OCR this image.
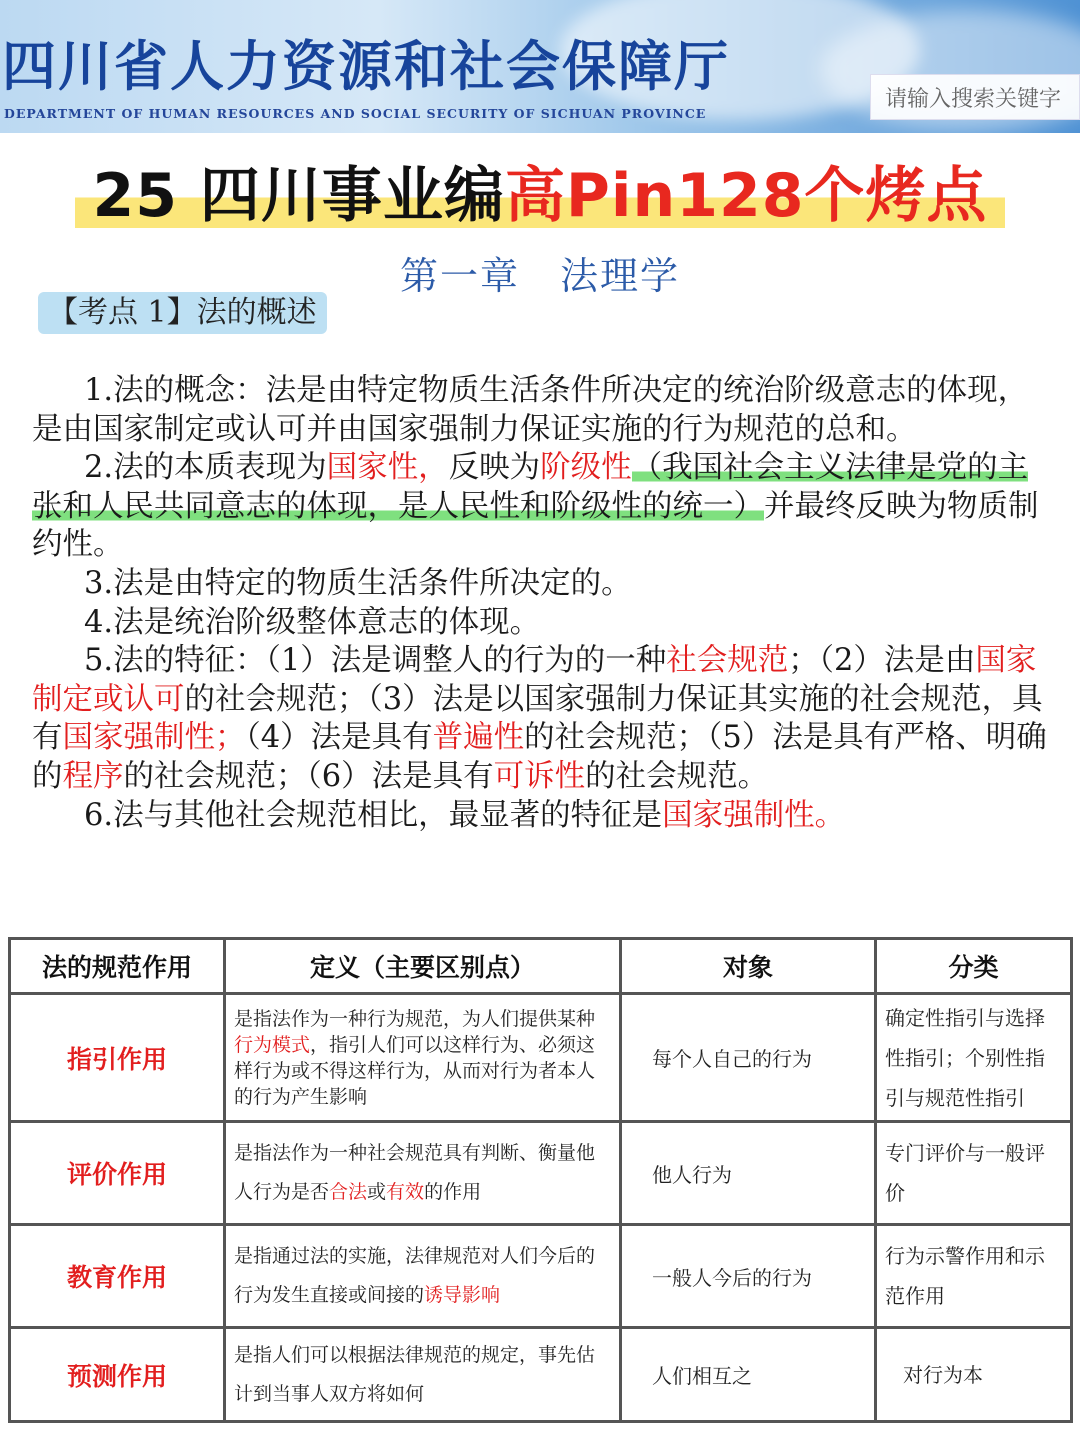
四川省人力资源和社会保障厅
DEPARTMENT OF HUMAN RESOURCES AND SOCIAL SECURITY OF SICHUAN PROVINCE
请输入搜索关键字
25 四川事业编高Pin128个烤点
第一章　法理学
【考点 1】法的概述

1.法的概念：法是由特定物质生活条件所决定的统治阶级意志的体现，是由国家制定或认可并由国家强制力保证实施的行为规范的总和。

2.法的本质表现为国家性，反映为阶级性（我国社会主义法律是党的主张和人民共同意志的体现，是人民性和阶级性的统一）并最终反映为物质制约性。

3.法是由特定的物质生活条件所决定的。

4.法是统治阶级整体意志的体现。

5.法的特征：（1）法是调整人的行为的一种社会规范；（2）法是由国家制定或认可的社会规范；（3）法是以国家强制力保证其实施的社会规范，具有国家强制性；（4）法是具有普遍性的社会规范；（5）法是具有严格、明确的程序的社会规范；（6）法是具有可诉性的社会规范。

6.法与其他社会规范相比，最显著的特征是国家强制性。

法的规范作用	定义（主要区别点）	对象	分类
指引作用	是指法作为一种行为规范，为人们提供某种行为模式，指引人们可以这样行为、必须这样行为或不得这样行为，从而对行为者本人的行为产生影响	每个人自己的行为	确定性指引与选择性指引；个别性指引与规范性指引
评价作用	是指法作为一种社会规范具有判断、衡量他人行为是否合法或有效的作用	他人行为	专门评价与一般评价
教育作用	是指通过法的实施，法律规范对人们今后的行为发生直接或间接的诱导影响	一般人今后的行为	行为示警作用和示范作用
预测作用	是指人们可以根据法律规范的规定，事先估计到当事人双方将如何	人们相互之	对行为本
